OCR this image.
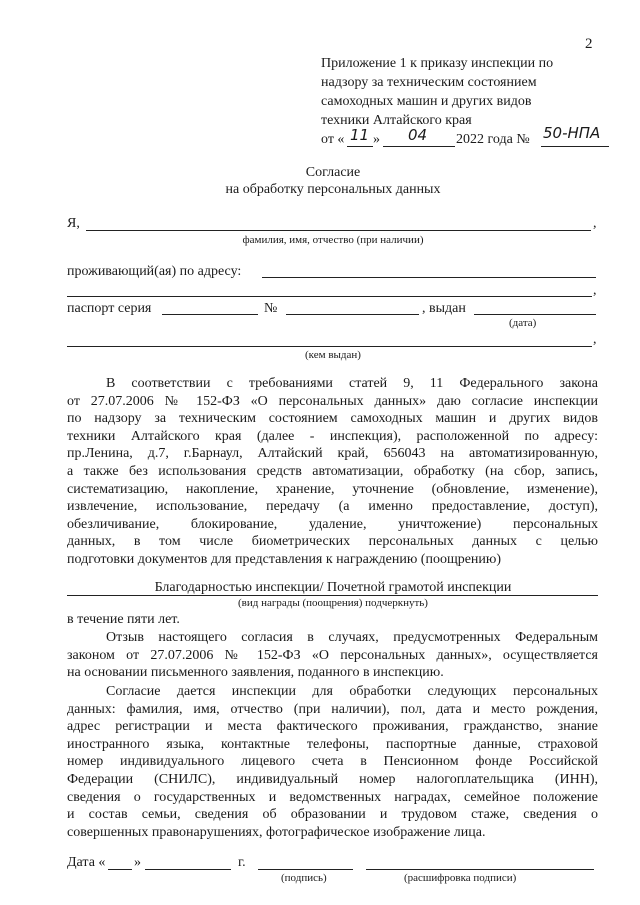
2
Приложение 1 к приказу инспекции по
надзору за техническим состоянием
самоходных машин и других видов
техники Алтайского края
от « 11 » 04 2022 года № 50-НПА
Согласие
на обработку персональных данных
Я,	,
фамилия, имя, отчество (при наличии)
проживающий(ая) по адресу:
,
паспорт серия	№	, выдан
(дата)
,
(кем выдан)
В соответствии с требованиями статей 9, 11 Федерального закона
от 27.07.2006 № 152-ФЗ «О персональных данных» даю согласие инспекции
по надзору за техническим состоянием самоходных машин и других видов
техники Алтайского края (далее - инспекция), расположенной по адресу:
пр.Ленина, д.7, г.Барнаул, Алтайский край, 656043 на автоматизированную,
а также без использования средств автоматизации, обработку (на сбор, запись,
систематизацию, накопление, хранение, уточнение (обновление, изменение),
извлечение, использование, передачу (а именно предоставление, доступ),
обезличивание, блокирование, удаление, уничтожение) персональных
данных, в том числе биометрических персональных данных с целью
подготовки документов для представления к награждению (поощрению)
Благодарностью инспекции/ Почетной грамотой инспекции
(вид награды (поощрения) подчеркнуть)
в течение пяти лет.
Отзыв настоящего согласия в случаях, предусмотренных Федеральным
законом от 27.07.2006 № 152-ФЗ «О персональных данных», осуществляется
на основании письменного заявления, поданного в инспекцию.
Согласие дается инспекции для обработки следующих персональных
данных: фамилия, имя, отчество (при наличии), пол, дата и место рождения,
адрес регистрации и места фактического проживания, гражданство, знание
иностранного языка, контактные телефоны, паспортные данные, страховой
номер индивидуального лицевого счета в Пенсионном фонде Российской
Федерации (СНИЛС), индивидуальный номер налогоплательщика (ИНН),
сведения о государственных и ведомственных наградах, семейное положение
и состав семьи, сведения об образовании и трудовом стаже, сведения о
совершенных правонарушениях, фотографическое изображение лица.
Дата « »	г.
(подпись)	(расшифровка подписи)
